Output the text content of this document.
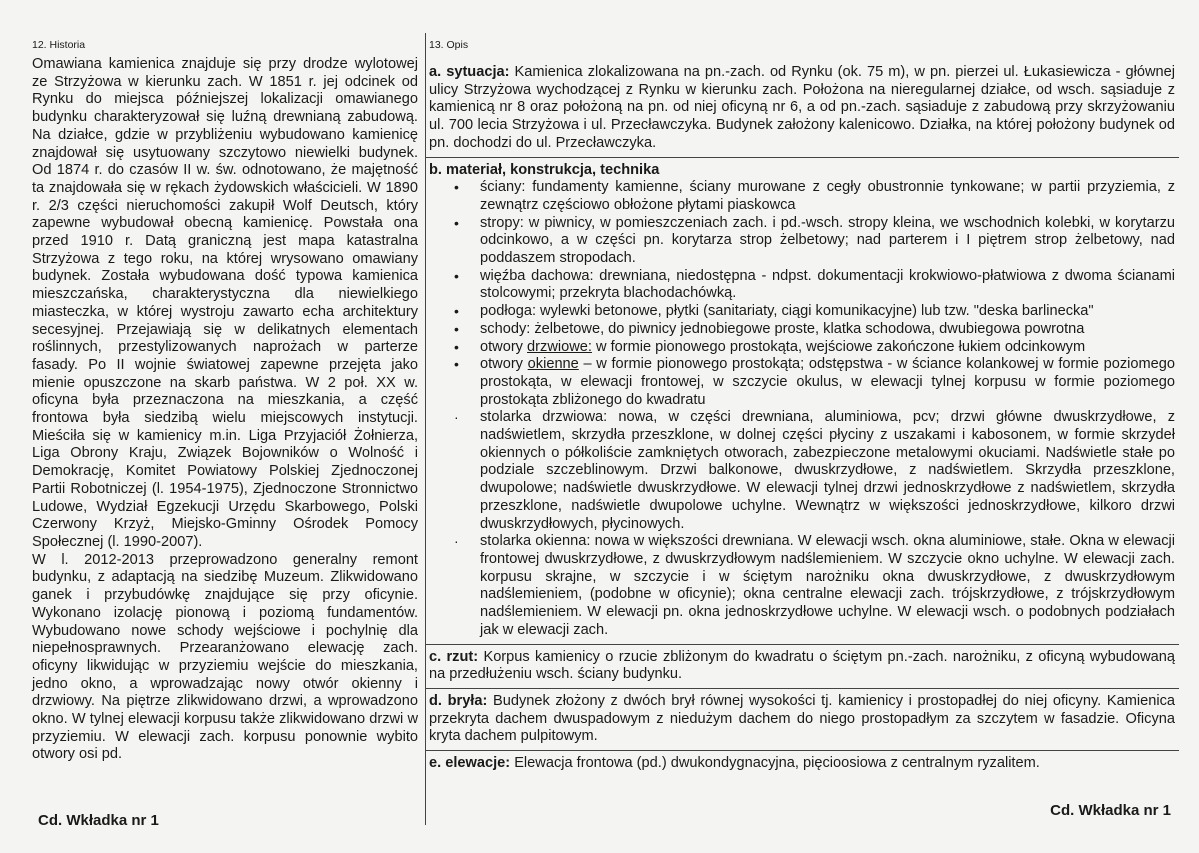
12. Historia

Omawiana kamienica znajduje się przy drodze wylotowej ze Strzyżowa w kierunku zach. W 1851 r. jej odcinek od Rynku do miejsca późniejszej lokalizacji omawianego budynku charakteryzował się luźną drewnianą zabudową. Na działce, gdzie w przybliżeniu wybudowano kamienicę znajdował się usytuowany szczytowo niewielki budynek. Od 1874 r. do czasów II w. św. odnotowano, że majętność ta znajdowała się w rękach żydowskich właścicieli. W 1890 r. 2/3 części nieruchomości zakupił Wolf Deutsch, który zapewne wybudował obecną kamienicę. Powstała ona przed 1910 r. Datą graniczną jest mapa katastralna Strzyżowa z tego roku, na której wrysowano omawiany budynek. Została wybudowana dość typowa kamienica mieszczańska, charakterystyczna dla niewielkiego miasteczka, w której wystroju zawarto echa architektury secesyjnej. Przejawiają się w delikatnych elementach roślinnych, przestylizowanych naprożach w parterze fasady. Po II wojnie światowej zapewne przejęta jako mienie opuszczone na skarb państwa. W 2 poł. XX w. oficyna była przeznaczona na mieszkania, a część frontowa była siedzibą wielu miejscowych instytucji. Mieściła się w kamienicy m.in. Liga Przyjaciół Żołnierza, Liga Obrony Kraju, Związek Bojowników o Wolność i Demokrację, Komitet Powiatowy Polskiej Zjednoczonej Partii Robotniczej (l. 1954-1975), Zjednoczone Stronnictwo Ludowe, Wydział Egzekucji Urzędu Skarbowego, Polski Czerwony Krzyż, Miejsko-Gminny Ośrodek Pomocy Społecznej (l. 1990-2007).

W l. 2012-2013 przeprowadzono generalny remont budynku, z adaptacją na siedzibę Muzeum. Zlikwidowano ganek i przybudówkę znajdujące się przy oficynie. Wykonano izolację pionową i poziomą fundamentów. Wybudowano nowe schody wejściowe i pochylnię dla niepełnosprawnych. Przearanżowano elewację zach. oficyny likwidując w przyziemiu wejście do mieszkania, jedno okno, a wprowadzając nowy otwór okienny i drzwiowy. Na piętrze zlikwidowano drzwi, a wprowadzono okno. W tylnej elewacji korpusu także zlikwidowano drzwi w przyziemiu. W elewacji zach. korpusu ponownie wybito otwory osi pd.

Cd. Wkładka nr 1
13. Opis

a. sytuacja: Kamienica zlokalizowana na pn.-zach. od Rynku (ok. 75 m), w pn. pierzei ul. Łukasiewicza - głównej ulicy Strzyżowa wychodzącej z Rynku w kierunku zach. Położona na nieregularnej działce, od wsch. sąsiaduje z kamienicą nr 8 oraz położoną na pn. od niej oficyną nr 6, a od pn.-zach. sąsiaduje z zabudową przy skrzyżowaniu ul. 700 lecia Strzyżowa i ul. Przecławczyka. Budynek założony kalenicowo. Działka, na której położony budynek od pn. dochodzi do ul. Przecławczyka.

b. materiał, konstrukcja, technika
• ściany: fundamenty kamienne, ściany murowane z cegły obustronnie tynkowane; w partii przyziemia, z zewnątrz częściowo obłożone płytami piaskowca
• stropy: w piwnicy, w pomieszczeniach zach. i pd.-wsch. stropy kleina, we wschodnich kolebki, w korytarzu odcinkowo, a w części pn. korytarza strop żelbetowy; nad parterem i I piętrem strop żelbetowy, nad poddaszem stropodach.
• więźba dachowa: drewniana, niedostępna - ndpst. dokumentacji krokwiowo-płatwiowa z dwoma ścianami stolcowymi; przekryta blachodachówką.
• podłoga: wylewki betonowe, płytki (sanitariaty, ciągi komunikacyjne) lub tzw. "deska barlinecka"
• schody: żelbetowe, do piwnicy jednobiegowe proste, klatka schodowa, dwubiegowa powrotna
• otwory drzwiowe: w formie pionowego prostokąta, wejściowe zakończone łukiem odcinkowym
• otwory okienne – w formie pionowego prostokąta; odstępstwa - w ściance kolankowej w formie poziomego prostokąta, w elewacji frontowej, w szczycie okulus, w elewacji tylnej korpusu w formie poziomego prostokąta zbliżonego do kwadratu
· stolarka drzwiowa: nowa, w części drewniana, aluminiowa, pcv; drzwi główne dwuskrzydłowe, z nadświetlem, skrzydła przeszklone, w dolnej części płyciny z uszakami i kabosonem, w formie skrzydeł okiennych o półkoliście zamkniętych otworach, zabezpieczone metalowymi okuciami. Nadświetle stałe po podziale szczeblinowym. Drzwi balkonowe, dwuskrzydłowe, z nadświetlem. Skrzydła przeszklone, dwupolowe; nadświetle dwuskrzydłowe. W elewacji tylnej drzwi jednoskrzydłowe z nadświetlem, skrzydła przeszklone, nadświetle dwupolowe uchylne. Wewnątrz w większości jednoskrzydłowe, kilkoro drzwi dwuskrzydłowych, płycinowych.
· stolarka okienna: nowa w większości drewniana. W elewacji wsch. okna aluminiowe, stałe. Okna w elewacji frontowej dwuskrzydłowe, z dwuskrzydłowym nadślemieniem. W szczycie okno uchylne. W elewacji zach. korpusu skrajne, w szczycie i w ściętym narożniku okna dwuskrzydłowe, z dwuskrzydłowym nadślemieniem, (podobne w oficynie); okna centralne elewacji zach. trójskrzydłowe, z trójskrzydłowym nadślemieniem. W elewacji pn. okna jednoskrzydłowe uchylne. W elewacji wsch. o podobnych podziałach jak w elewacji zach.

c. rzut: Korpus kamienicy o rzucie zbliżonym do kwadratu o ściętym pn.-zach. narożniku, z oficyną wybudowaną na przedłużeniu wsch. ściany budynku.

d. bryła: Budynek złożony z dwóch brył równej wysokości tj. kamienicy i prostopadłej do niej oficyny. Kamienica przekryta dachem dwuspadowym z niedużym dachem do niego prostopadłym za szczytem w fasadzie. Oficyna kryta dachem pulpitowym.

e. elewacje: Elewacja frontowa (pd.) dwukondygnacyjna, pięcioosiowa z centralnym ryzalitem.

Cd. Wkładka nr 1
